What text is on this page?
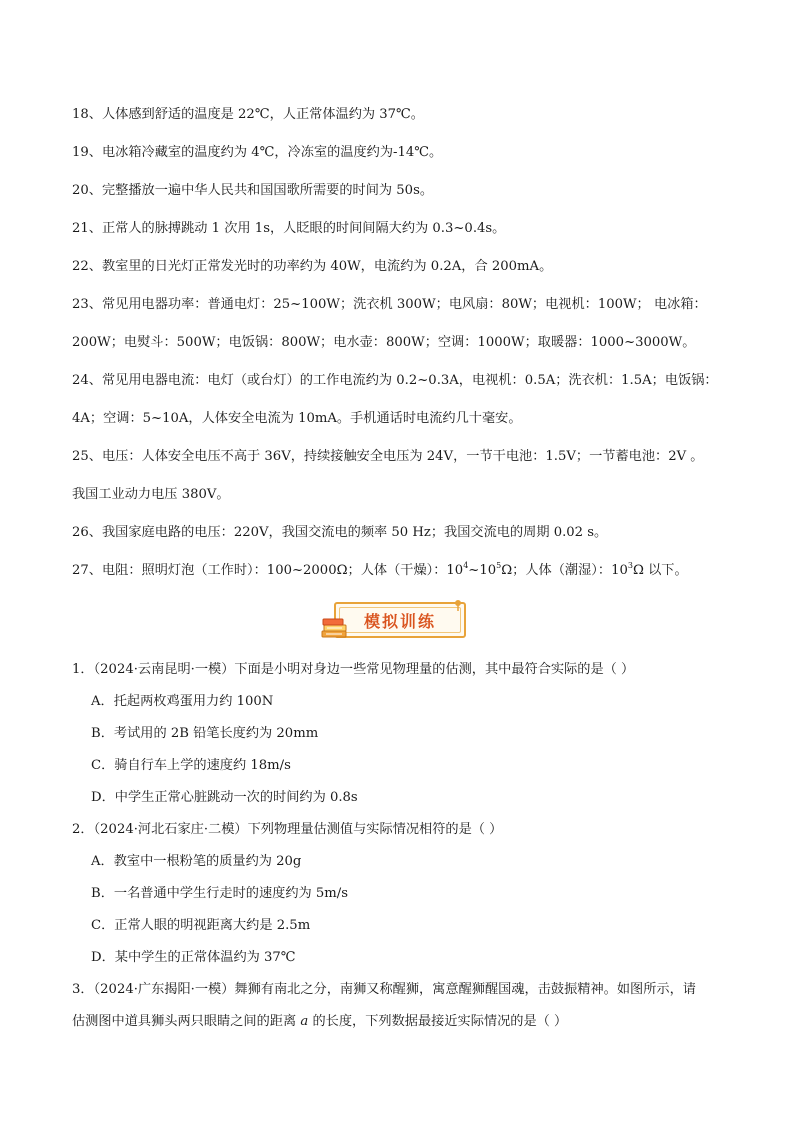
18、人体感到舒适的温度是 22℃，人正常体温约为 37℃。
19、电冰箱冷藏室的温度约为 4℃，冷冻室的温度约为-14℃。
20、完整播放一遍中华人民共和国国歌所需要的时间为 50s。
21、正常人的脉搏跳动 1 次用 1s，人眨眼的时间间隔大约为 0.3~0.4s。
22、教室里的日光灯正常发光时的功率约为 40W，电流约为 0.2A，合 200mA。
23、常见用电器功率：普通电灯：25~100W；洗衣机 300W；电风扇：80W；电视机：100W； 电冰箱：
200W；电熨斗：500W；电饭锅：800W；电水壶：800W；空调：1000W；取暖器：1000~3000W。
24、常见用电器电流：电灯（或台灯）的工作电流约为 0.2~0.3A，电视机：0.5A；洗衣机：1.5A；电饭锅：
4A；空调：5~10A，人体安全电流为 10mA。手机通话时电流约几十毫安。
25、电压：人体安全电压不高于 36V，持续接触安全电压为 24V，一节干电池：1.5V；一节蓄电池：2V 。
我国工业动力电压 380V。
26、我国家庭电路的电压：220V，我国交流电的频率 50 Hz；我国交流电的周期 0.02 s。
27、电阻：照明灯泡（工作时）：100~2000Ω；人体（干燥）：$10^4\sim 10^5\Omega$；人体（潮湿）：$10^3\Omega$ 以下。
模拟训练
1．（2024·云南昆明·一模）下面是小明对身边一些常见物理量的估测，其中最符合实际的是（ ）
A．托起两枚鸡蛋用力约 100N
B．考试用的 2B 铅笔长度约为 20mm
C．骑自行车上学的速度约 18m/s
D．中学生正常心脏跳动一次的时间约为 0.8s
2．（2024·河北石家庄·二模）下列物理量估测值与实际情况相符的是（ ）
A．教室中一根粉笔的质量约为 20g
B．一名普通中学生行走时的速度约为 5m/s
C．正常人眼的明视距离大约是 2.5m
D．某中学生的正常体温约为 37℃
3．（2024·广东揭阳·一模）舞狮有南北之分，南狮又称醒狮，寓意醒狮醒国魂，击鼓振精神。如图所示，请
估测图中道具狮头两只眼睛之间的距离 a 的长度，下列数据最接近实际情况的是（ ）
